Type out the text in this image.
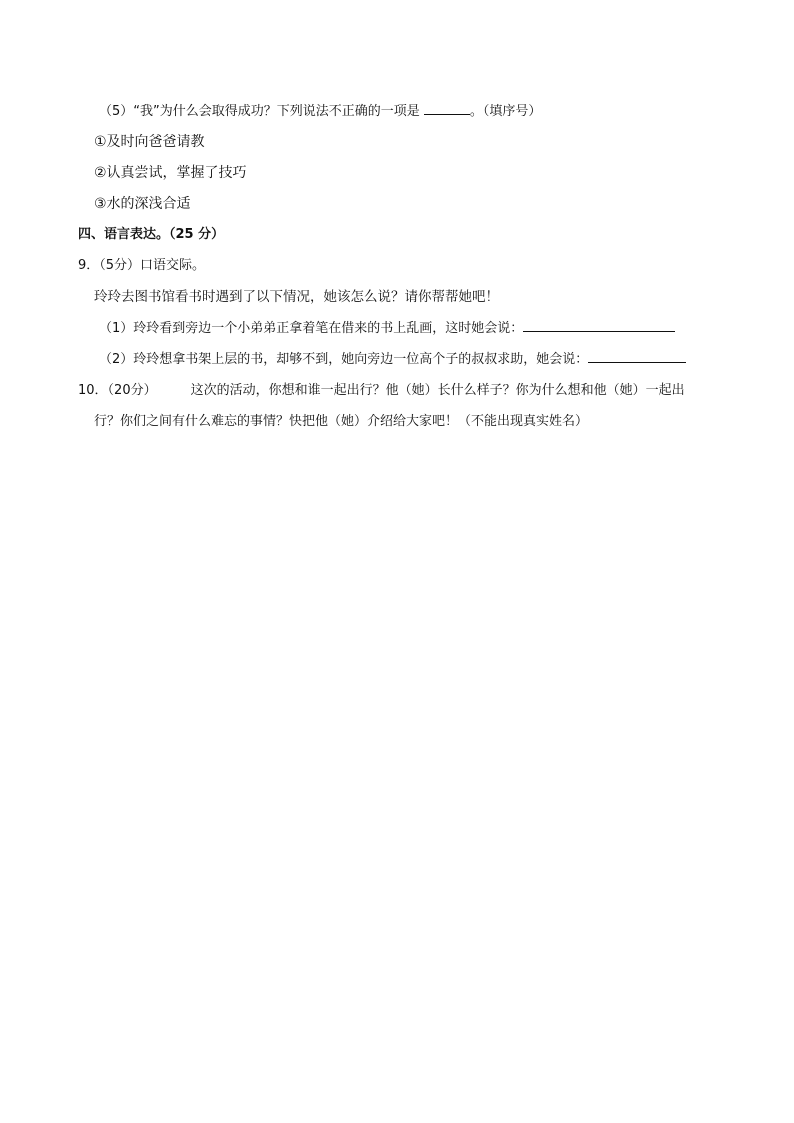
（5）“我”为什么会取得成功？下列说法不正确的一项是	。（填序号）
①及时向爸爸请教
②认真尝试，掌握了技巧
③水的深浅合适
四、语言表达。（25 分）
9．（5分）口语交际。
玲玲去图书馆看书时遇到了以下情况，她该怎么说？请你帮帮她吧！
（1）玲玲看到旁边一个小弟弟正拿着笔在借来的书上乱画，这时她会说：
（2）玲玲想拿书架上层的书，却够不到，她向旁边一位高个子的叔叔求助，她会说：
10．（20分）	这次的活动，你想和谁一起出行？他（她）长什么样子？你为什么想和他（她）一起出
行？你们之间有什么难忘的事情？快把他（她）介绍给大家吧！（不能出现真实姓名）
